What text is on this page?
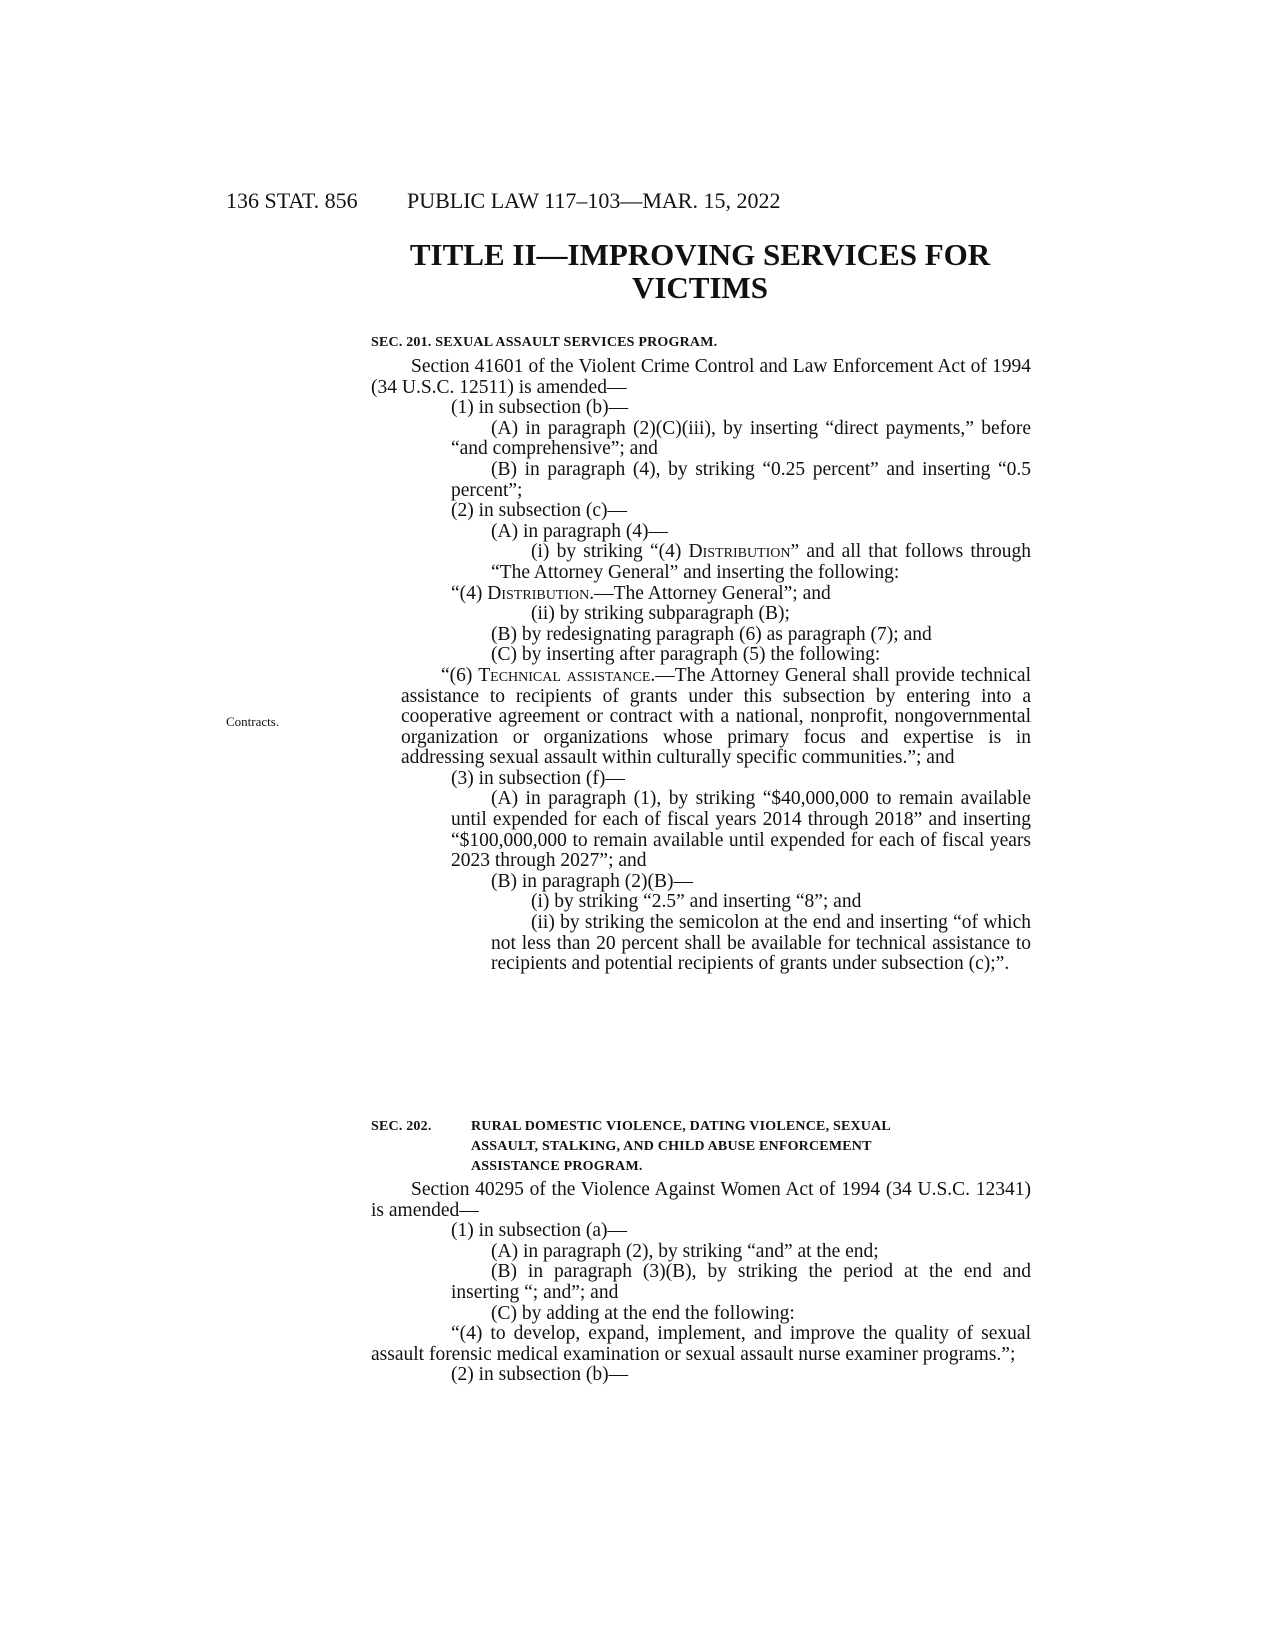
136 STAT. 856 PUBLIC LAW 117–103—MAR. 15, 2022
TITLE II—IMPROVING SERVICES FOR
VICTIMS
SEC. 201. SEXUAL ASSAULT SERVICES PROGRAM.
Contracts.

Section 41601 of the Violent Crime Control and Law Enforcement Act of 1994 (34 U.S.C. 12511) is amended—

(1) in subsection (b)—

(A) in paragraph (2)(C)(iii), by inserting “direct payments,” before “and comprehensive”; and

(B) in paragraph (4), by striking “0.25 percent” and inserting “0.5 percent”;

(2) in subsection (c)—

(A) in paragraph (4)—

(i) by striking “(4) Distribution” and all that follows through “The Attorney General” and inserting the following:

“(4) Distribution.—The Attorney General”; and

(ii) by striking subparagraph (B);

(B) by redesignating paragraph (6) as paragraph (7); and

(C) by inserting after paragraph (5) the following:

“(6) Technical assistance.—The Attorney General shall provide technical assistance to recipients of grants under this subsection by entering into a cooperative agreement or contract with a national, nonprofit, nongovernmental organization or organizations whose primary focus and expertise is in addressing sexual assault within culturally specific communities.”; and

(3) in subsection (f)—

(A) in paragraph (1), by striking “$40,000,000 to remain available until expended for each of fiscal years 2014 through 2018” and inserting “$100,000,000 to remain available until expended for each of fiscal years 2023 through 2027”; and

(B) in paragraph (2)(B)—

(i) by striking “2.5” and inserting “8”; and

(ii) by striking the semicolon at the end and inserting “of which not less than 20 percent shall be available for technical assistance to recipients and potential recipients of grants under subsection (c);”.

SEC. 202.	RURAL DOMESTIC VIOLENCE, DATING VIOLENCE, SEXUAL
ASSAULT, STALKING, AND CHILD ABUSE ENFORCEMENT
ASSISTANCE PROGRAM.

Section 40295 of the Violence Against Women Act of 1994 (34 U.S.C. 12341) is amended—

(1) in subsection (a)—

(A) in paragraph (2), by striking “and” at the end;

(B) in paragraph (3)(B), by striking the period at the end and inserting “; and”; and

(C) by adding at the end the following:

“(4) to develop, expand, implement, and improve the quality of sexual assault forensic medical examination or sexual assault nurse examiner programs.”;

(2) in subsection (b)—
